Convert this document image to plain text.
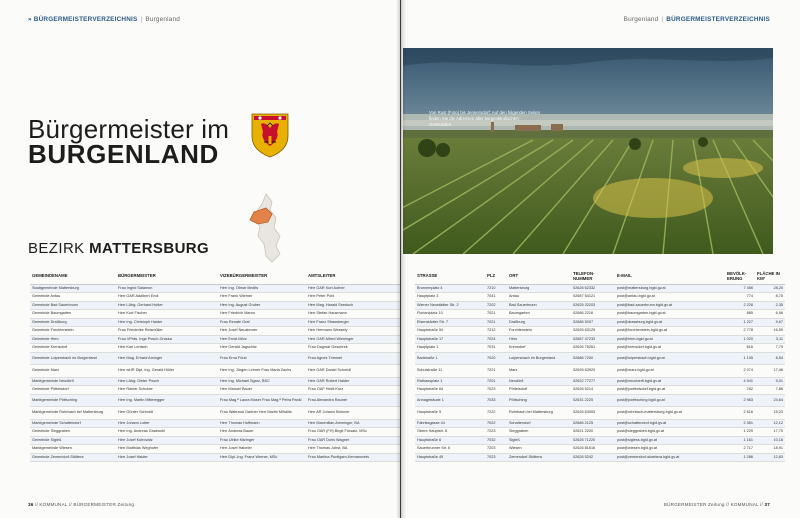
» BÜRGERMEISTERVERZEICHNIS | Burgenland
Bürgermeister im
BURGENLAND
BEZIRK MATTERSBURG
GEMEINDENAME	BÜRGERMEISTER	VIZEBÜRGERMEISTER	AMTSLEITER
Stadtgemeinde Mattersburg	Frau Ingrid Salamon	Herr Ing. Otmar Illedits	Herr OAR Kurt Aufner
Gemeinde Antau	Herr OAR Adalbert Endl	Herr Frank Wiemer	Herr Peter Pohl
Gemeinde Bad Sauerbrunn	Herr LAbg. Gerhard Hutter	Herr Ing. August Gruber	Herr Mag. Harald Seedoch
Gemeinde Baumgarten	Herr Kurt Fischer	Herr Friedrich Maron	Herr Stefan Hausmann
Gemeinde Draßburg	Herr Ing. Christoph Haider	Frau Renate Graf	Herr Franz Strassberger
Gemeinde Forchtenstein	Frau Friederike Reismüller	Herr Josef Neusteurer	Herr Hermann Wessely
Gemeinde Hirm	Frau VPräs. Inge Posch-Gruska	Herr Ernst Mörz	Herr OAR Alfred Wieninger
Gemeinde Krensdorf	Herr Karl Lentsch	Herr Gerald Jagschitz	Frau Dagmar Geschrek
Gemeinde Loipersbach im Burgenland	Herr Mag. Erhard Aminger	Frau Erna Fürst	Frau Agnes Trimmel
Gemeinde Marz	Herr wHR Dipl. Ing. Gerald Hüller	Herr Ing. Jürgen Lehner Frau Maria Zachs	Herr OAR Daniel Schmidl
Marktgemeinde Neudörfl	Herr LAbg. Dieter Posch	Herr Ing. Michael Sgarz, BSC	Herr OAR Robert Haider
Gemeinde Pöttelsdorf	Herr Rainer Schuber	Herr Manuel Bauer	Frau OAF Heidi Kurz
Marktgemeinde Pöttsching	Herr Ing. Martin Mitteregger	Frau Mag.ª Laura Moser Frau Mag.ª Petra Pankl	Frau Alexandra Rauner
Marktgemeinde Rohrbach bei Mattersburg	Herr Günter Schmidt	Frau Waltraud Gartner Herr Martin Mihalits	Herr AR Johann Brünner
Marktgemeinde Schattendorf	Herr Johann Lotter	Herr Thomas Hoffmann	Herr Maximilian Amminger, BA
Gemeinde Sieggraben	Herr Ing. Andreas Gradwohl	Herr Andreas Bauer	Frau OAR (FH) Birgit Fürsatz, MSc
Gemeinde Sigleß	Herr Josef Kutrovatz	Frau Ulrike Kitzinger	Frau OAR Doris Wagner
Marktgemeinde Wiesen	Herr Matthias Weghofer	Herr Josef Habeler	Herr Thomas Jobst, BA
Gemeinde Zemendorf-Stöttera	Herr Josef Haider	Herr Dipl.-Ing. Franz Werner, MSc	Frau Martina Puntigam-Kemanovets
36 // KOMMUNAL // BÜRGERMEISTER Zeitung
Burgenland | BÜRGERMEISTERVERZEICHNIS
Von Rust (Foto) bis Jennersdorf: Auf den folgenden Seiten finden Sie die Adressen aller burgenländischen Gemeinden
STRASSE	PLZ	ORT	TELEFON-NUMMER	E-MAIL	BEVÖLK-ERUNG	FLÄCHE IN KM²
Brunnenplatz 4	7210	Mattersburg	02626 62332	post@mattersburg.bgld.gv.at	7 456	28,20
Hauptplatz 3	7041	Antau	02687 54121	post@antau.bgld.gv.at	774	8,75
Wiener Neustädter Str. 2	7202	Bad Sauerbrunn	02625 32203	post@bad-sauerbrunn.bgld.gv.at	2 228	2,35
Florianiplatz 10	7021	Baumgarten	02686 2216	post@baumgarten.bgld.gv.at	885	6,96
Eisenstädter Str. 7	7021	Draßburg	02686 5007	post@drassburg.bgld.gv.at	1 227	9,67
Hauptstraße 54	7212	Forchtenstein	02626 63125	post@forchtenstein.bgld.gv.at	2 778	16,59
Hauptstraße 17	7024	Hirm	02687 47233	post@hirm.bgld.gv.at	1 020	3,11
Hauptplatz 1	7031	Krensdorf	02626 75261	post@krensdorf.bgld.gv.at	616	7,79
Badstraße 1	7020	Loipersbach im Burgenland	02686 7200	post@loipersbach.bgld.gv.at	1 195	8,54
Schulstraße 11	7221	Marz	02626 63920	post@marz.bgld.gv.at	2 074	17,46
Rathausplatz 1	7201	Neudörfl	02622 77277	post@neudoerfl.bgld.gv.at	4 941	9,01
Hauptstraße 64	7023	Pöttelsdorf	02626 5214	post@poettelsdorf.bgld.gv.at	762	7,86
Annagebäude 1	7033	Pöttsching	02631 2225	post@poettsching.bgld.gv.at	2 983	24,64
Hauptstraße 9	7222	Rohrbach bei Mattersburg	02626 63053	post@rohrbach-mattersburg.bgld.gv.at	2 616	15,23
Fabriksgasse 44	7022	Schattendorf	02686 2125	post@schattendorf.bgld.gv.at	2 351	12,12
Obere Hauptstr. 8	7223	Sieggraben	02621 2200	post@sieggraben.bgld.gv.at	1 229	17,70
Hauptstraße 6	7032	Sigleß	02626 71220	post@sigless.bgld.gv.at	1 161	10,16
Sauerbrunner Str. 6	7203	Wiesen	02626 81616	post@wiesen.bgld.gv.at	2 717	18,91
Hauptstraße 49	7023	Zemendorf-Stöttera	02626 5242	post@zemendorf-stoettera.bgld.gv.at	1 286	12,83
BÜRGERMEISTER Zeitung // KOMMUNAL // 37
